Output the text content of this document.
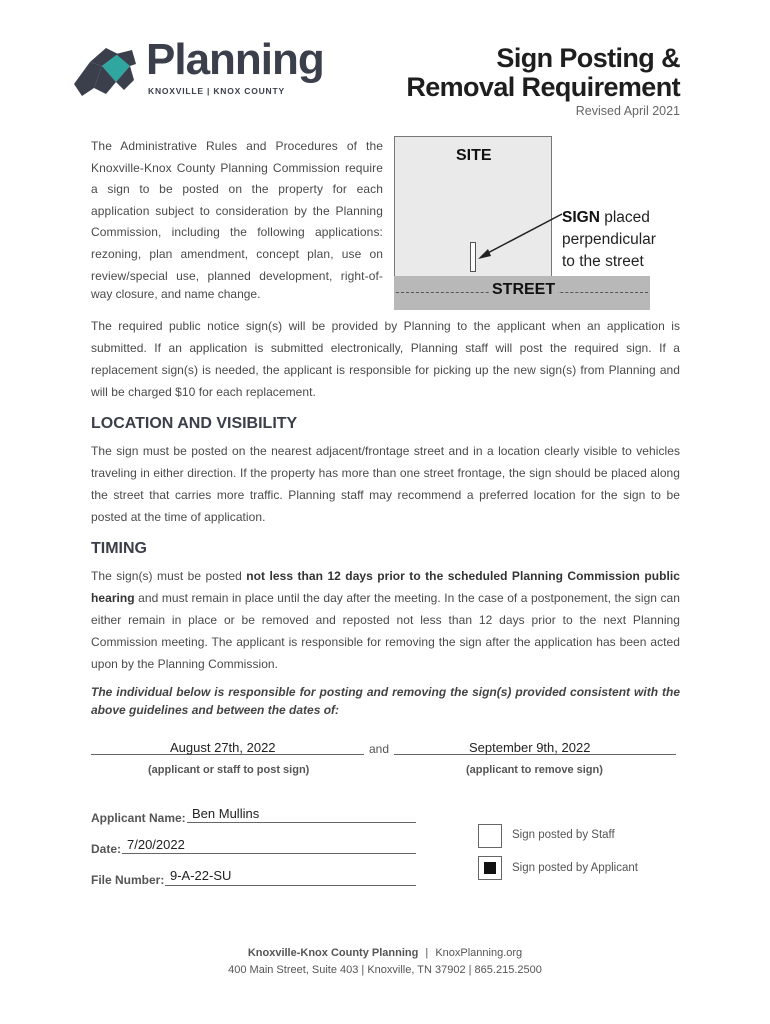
Planning
KNOXVILLE | KNOX COUNTY
Sign Posting &
Removal Requirement
Revised April 2021
The Administrative Rules and Procedures of the Knoxville-Knox County Planning Commission require a sign to be posted on the property for each application subject to consideration by the Planning Commission, including the following applications: rezoning, plan amendment, concept plan, use on review/special use, planned development, right-of-
way closure, and name change.
SITE
STREET
SIGN placed
perpendicular
to the street
The required public notice sign(s) will be provided by Planning to the applicant when an application is submitted. If an application is submitted electronically, Planning staff will post the required sign. If a replacement sign(s) is needed, the applicant is responsible for picking up the new sign(s) from Planning and will be charged $10 for each replacement.
LOCATION AND VISIBILITY
The sign must be posted on the nearest adjacent/frontage street and in a location clearly visible to vehicles traveling in either direction. If the property has more than one street frontage, the sign should be placed along the street that carries more traffic. Planning staff may recommend a preferred location for the sign to be posted at the time of application.
TIMING
The sign(s) must be posted not less than 12 days prior to the scheduled Planning Commission public hearing and must remain in place until the day after the meeting. In the case of a postponement, the sign can either remain in place or be removed and reposted not less than 12 days prior to the next Planning Commission meeting. The applicant is responsible for removing the sign after the application has been acted upon by the Planning Commission.
The individual below is responsible for posting and removing the sign(s) provided consistent with the above guidelines and between the dates of:
August 27th, 2022	and	September 9th, 2022
(applicant or staff to post sign)	(applicant to remove sign)
Applicant Name: Ben Mullins
Date: 7/20/2022
File Number: 9-A-22-SU
Sign posted by Staff
Sign posted by Applicant
Knoxville-Knox County Planning | KnoxPlanning.org
400 Main Street, Suite 403 | Knoxville, TN 37902 | 865.215.2500
